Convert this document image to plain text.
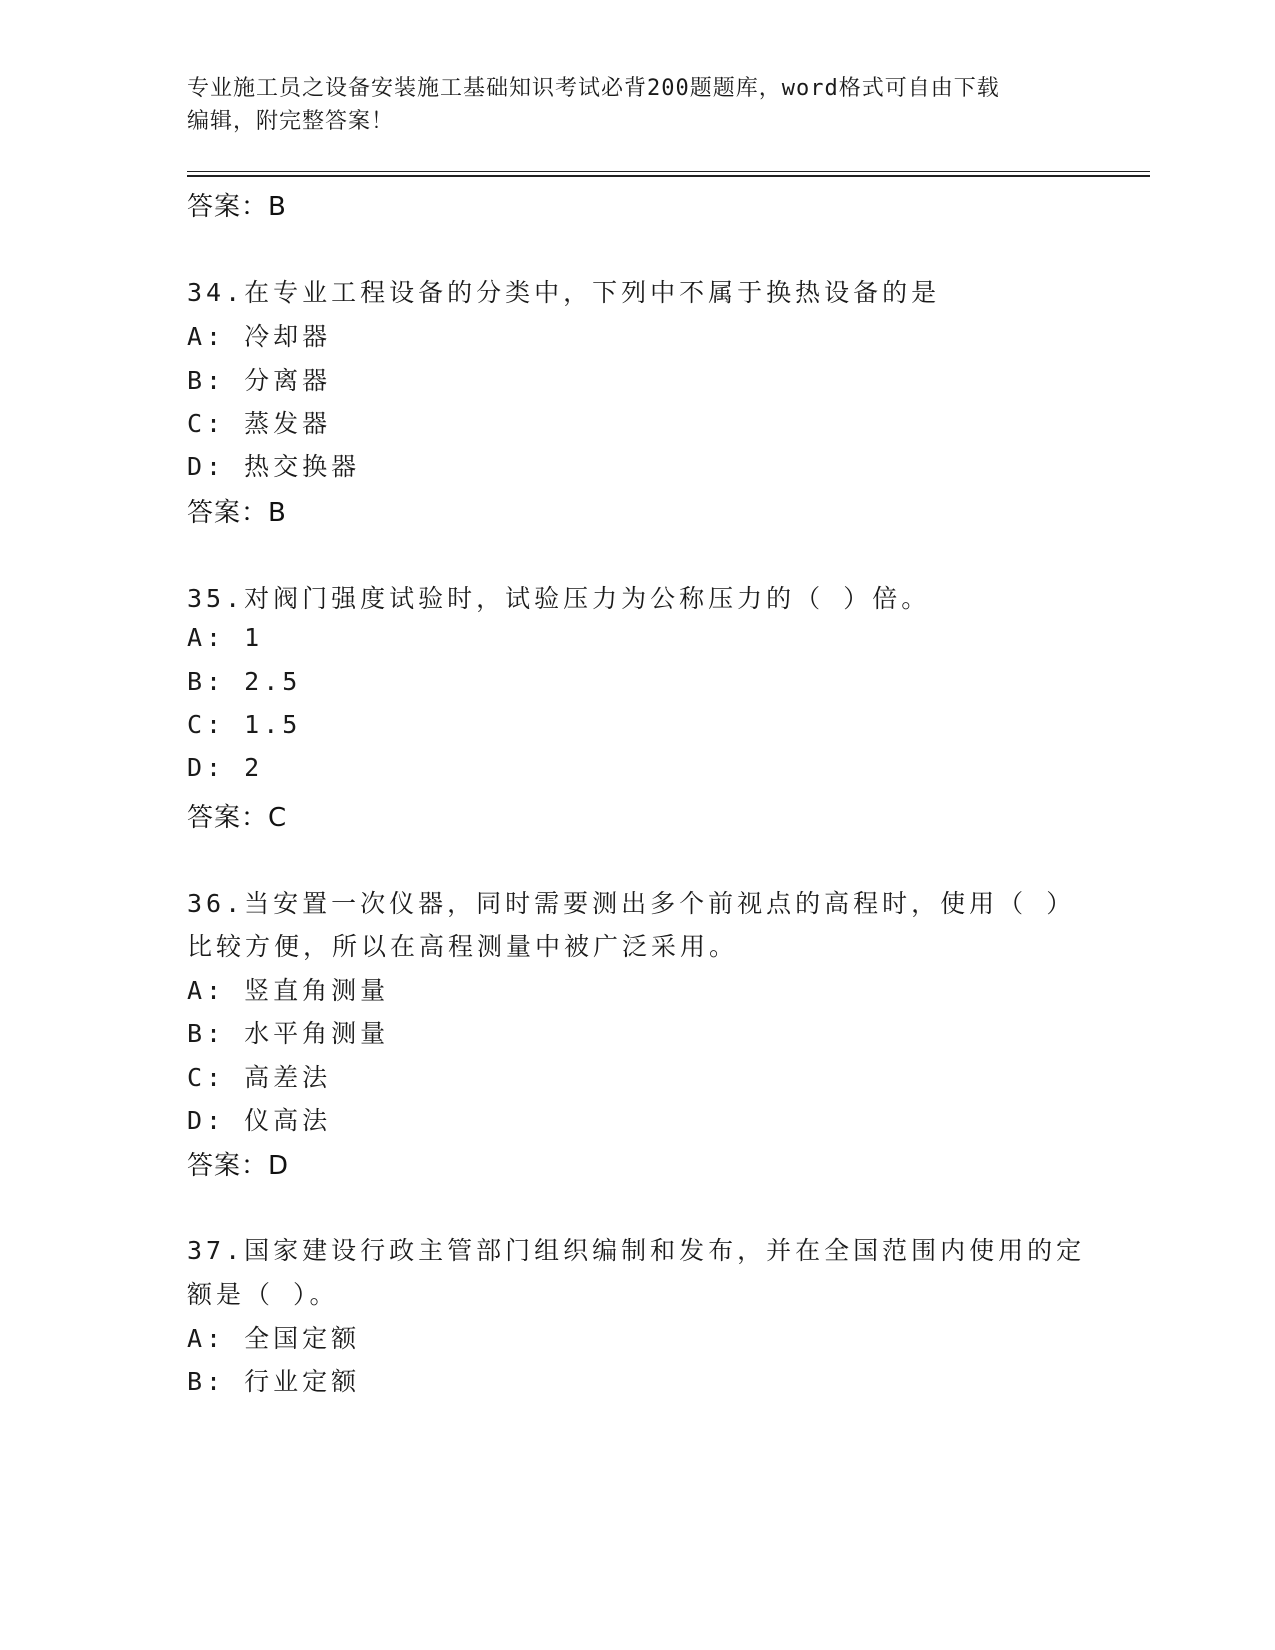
专业施工员之设备安装施工基础知识考试必背200题题库，word格式可自由下载
编辑，附完整答案！
答案：B
34.在专业工程设备的分类中，下列中不属于换热设备的是
A: 冷却器
B: 分离器
C: 蒸发器
D: 热交换器
答案：B
35.对阀门强度试验时，试验压力为公称压力的（ ）倍。
A: 1
B: 2.5
C: 1.5
D: 2
答案：C
36.当安置一次仪器，同时需要测出多个前视点的高程时，使用（ ）
比较方便，所以在高程测量中被广泛采用。
A: 竖直角测量
B: 水平角测量
C: 高差法
D: 仪高法
答案：D
37.国家建设行政主管部门组织编制和发布，并在全国范围内使用的定
额是（ ）。
A: 全国定额
B: 行业定额
